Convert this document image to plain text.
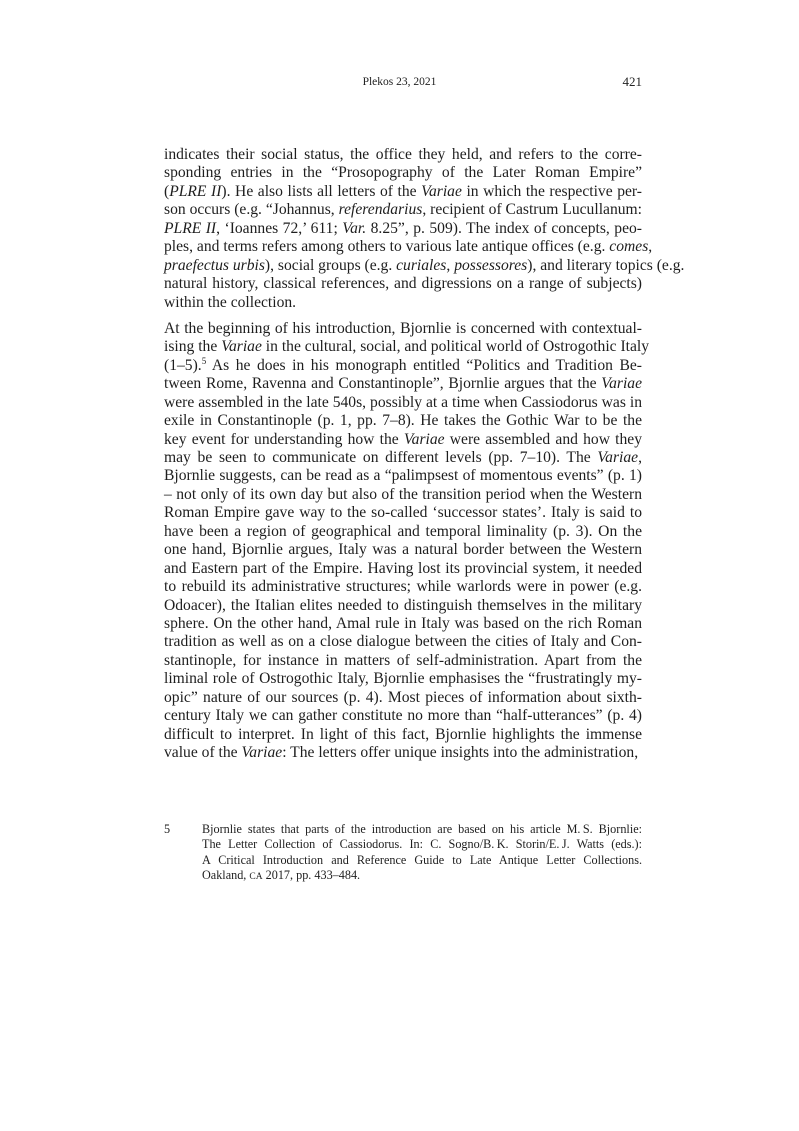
Plekos 23, 2021	421
indicates their social status, the office they held, and refers to the corre-
sponding entries in the “Prosopography of the Later Roman Empire”
(PLRE II). He also lists all letters of the Variae in which the respective per-
son occurs (e.g. “Johannus, referendarius, recipient of Castrum Lucullanum:
PLRE II, ‘Ioannes 72,’ 611; Var. 8.25”, p. 509). The index of concepts, peo-
ples, and terms refers among others to various late antique offices (e.g. comes,
praefectus urbis), social groups (e.g. curiales, possessores), and literary topics (e.g.
natural history, classical references, and digressions on a range of subjects)
within the collection.
At the beginning of his introduction, Bjornlie is concerned with contextual-
ising the Variae in the cultural, social, and political world of Ostrogothic Italy
(1–5).$^5$ As he does in his monograph entitled “Politics and Tradition Be-
tween Rome, Ravenna and Constantinople”, Bjornlie argues that the Variae
were assembled in the late 540s, possibly at a time when Cassiodorus was in
exile in Constantinople (p. 1, pp. 7–8). He takes the Gothic War to be the
key event for understanding how the Variae were assembled and how they
may be seen to communicate on different levels (pp. 7–10). The Variae,
Bjornlie suggests, can be read as a “palimpsest of momentous events” (p. 1)
– not only of its own day but also of the transition period when the Western
Roman Empire gave way to the so-called ‘successor states’. Italy is said to
have been a region of geographical and temporal liminality (p. 3). On the
one hand, Bjornlie argues, Italy was a natural border between the Western
and Eastern part of the Empire. Having lost its provincial system, it needed
to rebuild its administrative structures; while warlords were in power (e.g.
Odoacer), the Italian elites needed to distinguish themselves in the military
sphere. On the other hand, Amal rule in Italy was based on the rich Roman
tradition as well as on a close dialogue between the cities of Italy and Con-
stantinople, for instance in matters of self-administration. Apart from the
liminal role of Ostrogothic Italy, Bjornlie emphasises the “frustratingly my-
opic” nature of our sources (p. 4). Most pieces of information about sixth-
century Italy we can gather constitute no more than “half-utterances” (p. 4)
difficult to interpret. In light of this fact, Bjornlie highlights the immense
value of the Variae: The letters offer unique insights into the administration,
5	Bjornlie states that parts of the introduction are based on his article M. S. Bjornlie:
The Letter Collection of Cassiodorus. In: C. Sogno/B. K. Storin/E. J. Watts (eds.):
A Critical Introduction and Reference Guide to Late Antique Letter Collections.
Oakland, CA 2017, pp. 433–484.
